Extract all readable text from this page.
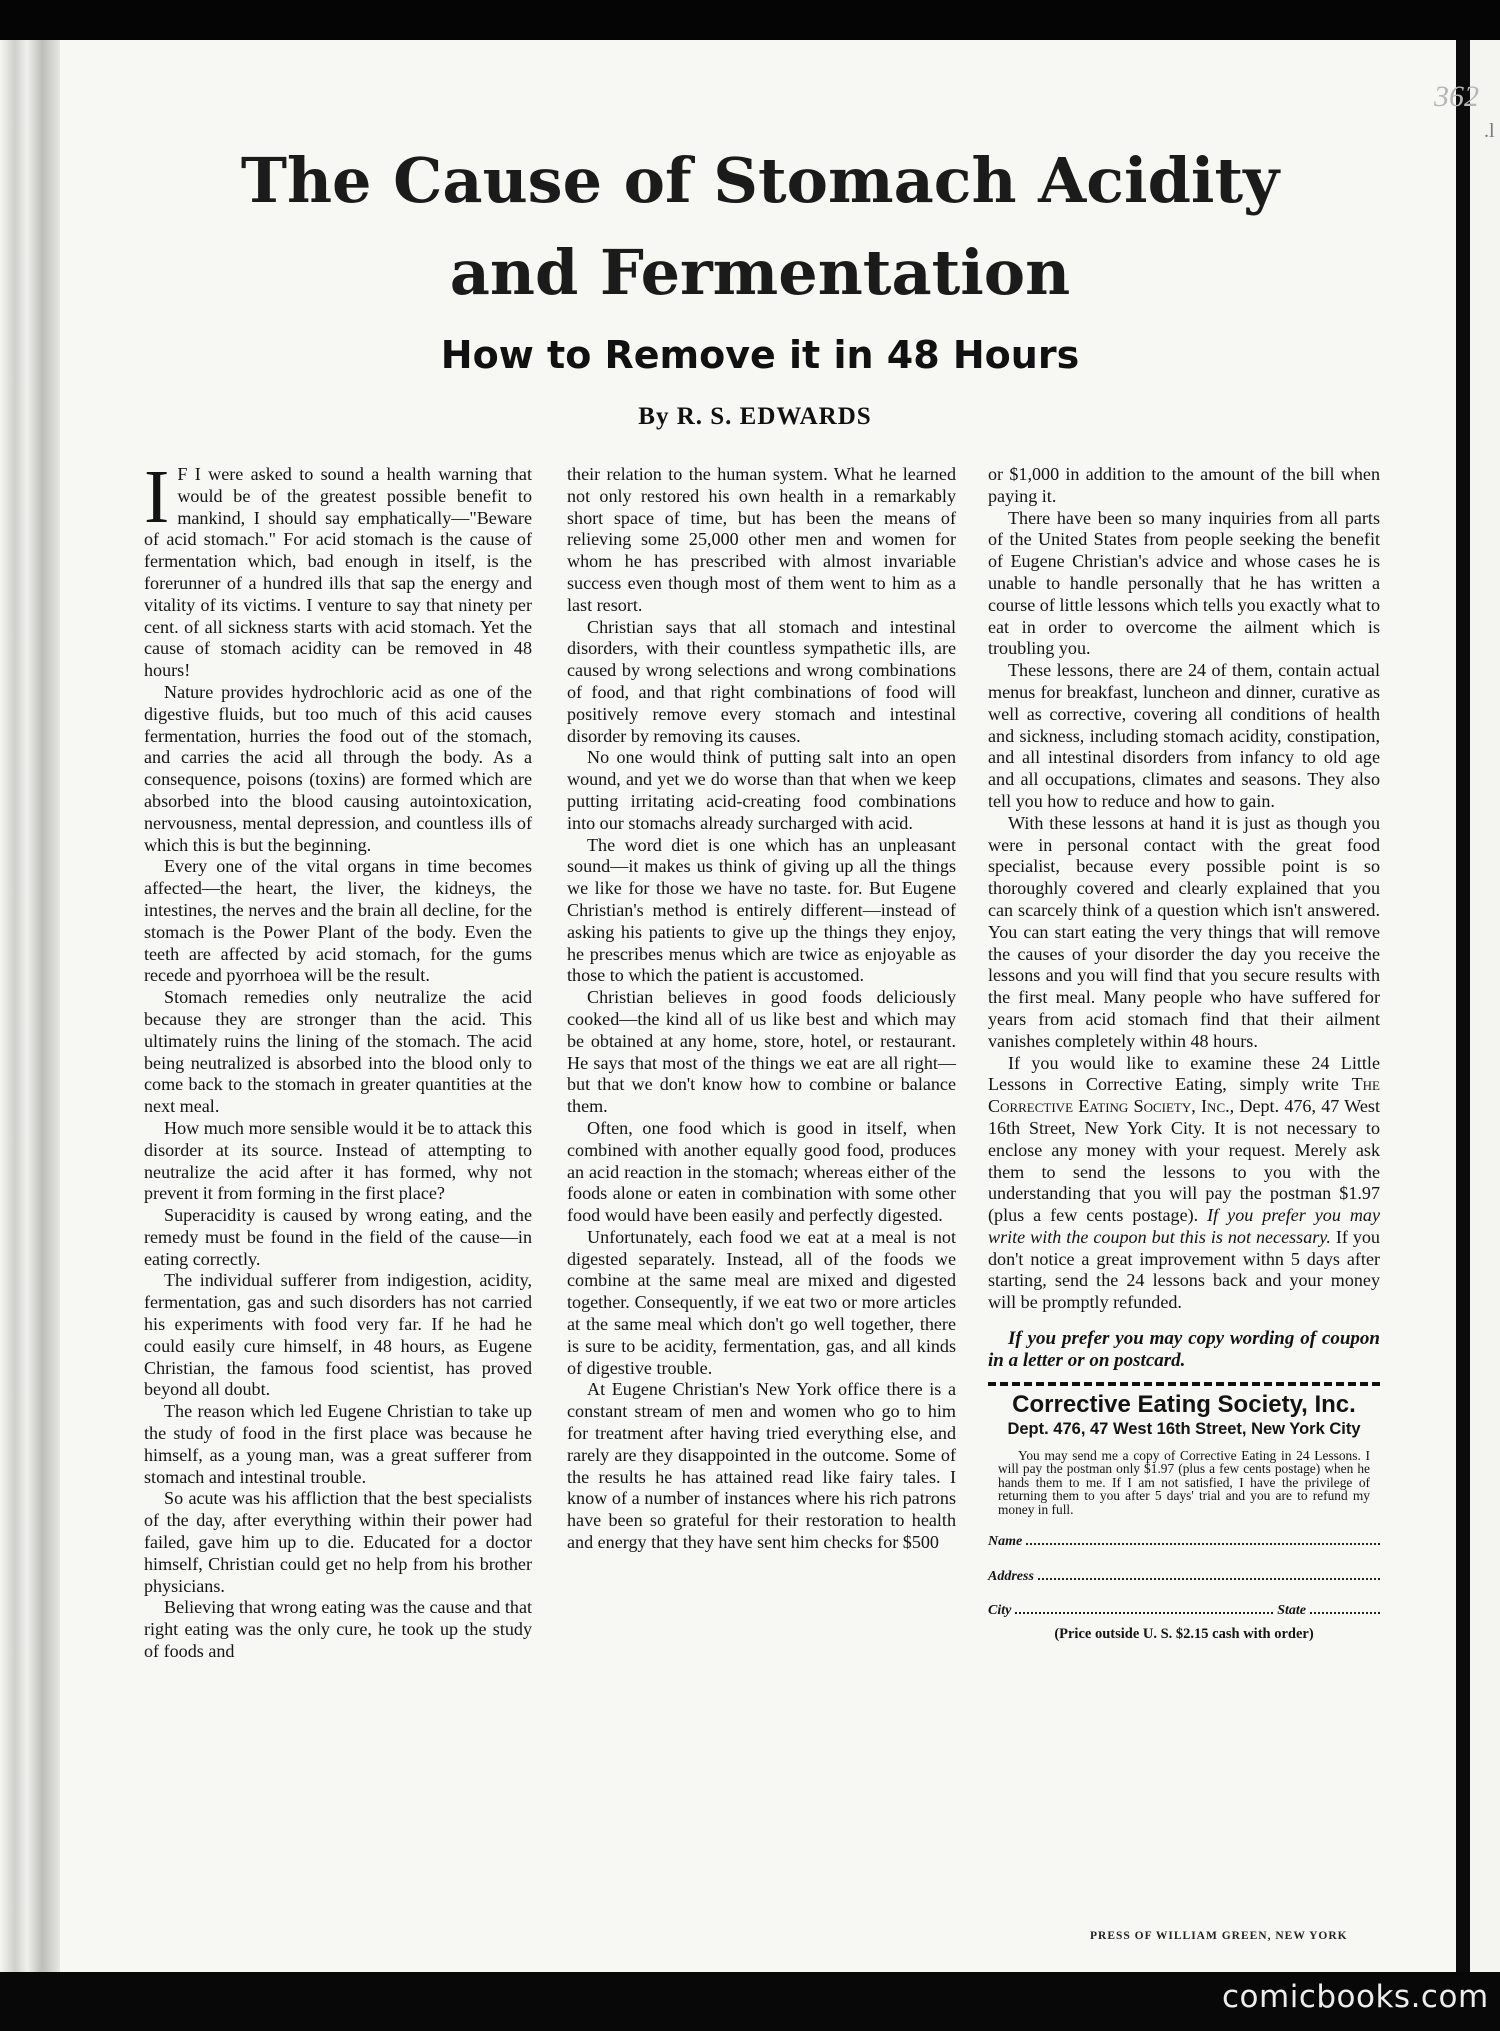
362
.l
The Cause of Stomach Acidity
and Fermentation
How to Remove it in 48 Hours
By R. S. EDWARDS

I F I were asked to sound a health warning that would be of the greatest possible benefit to mankind, I should say emphatically—"Beware of acid stomach." For acid stomach is the cause of fermentation which, bad enough in itself, is the forerunner of a hundred ills that sap the energy and vitality of its victims. I venture to say that ninety per cent. of all sickness starts with acid stomach. Yet the cause of stomach acidity can be removed in 48 hours!

Nature provides hydrochloric acid as one of the digestive fluids, but too much of this acid causes fermentation, hurries the food out of the stomach, and carries the acid all through the body. As a consequence, poisons (toxins) are formed which are absorbed into the blood causing autointoxication, nervousness, mental depression, and countless ills of which this is but the beginning.

Every one of the vital organs in time becomes affected—the heart, the liver, the kidneys, the intestines, the nerves and the brain all decline, for the stomach is the Power Plant of the body. Even the teeth are affected by acid stomach, for the gums recede and pyorrhoea will be the result.

Stomach remedies only neutralize the acid because they are stronger than the acid. This ultimately ruins the lining of the stomach. The acid being neutralized is absorbed into the blood only to come back to the stomach in greater quantities at the next meal.

How much more sensible would it be to attack this disorder at its source. Instead of attempting to neutralize the acid after it has formed, why not prevent it from forming in the first place?

Superacidity is caused by wrong eating, and the remedy must be found in the field of the cause—in eating correctly.

The individual sufferer from indigestion, acidity, fermentation, gas and such disorders has not carried his experiments with food very far. If he had he could easily cure himself, in 48 hours, as Eugene Christian, the famous food scientist, has proved beyond all doubt.

The reason which led Eugene Christian to take up the study of food in the first place was because he himself, as a young man, was a great sufferer from stomach and intestinal trouble.

So acute was his affliction that the best specialists of the day, after everything within their power had failed, gave him up to die. Educated for a doctor himself, Christian could get no help from his brother physicians.

Believing that wrong eating was the cause and that right eating was the only cure, he took up the study of foods and

their relation to the human system. What he learned not only restored his own health in a remarkably short space of time, but has been the means of relieving some 25,000 other men and women for whom he has prescribed with almost invariable success even though most of them went to him as a last resort.

Christian says that all stomach and intestinal disorders, with their countless sympathetic ills, are caused by wrong selections and wrong combinations of food, and that right combinations of food will positively remove every stomach and intestinal disorder by removing its causes.

No one would think of putting salt into an open wound, and yet we do worse than that when we keep putting irritating acid-creating food combinations into our stomachs already surcharged with acid.

The word diet is one which has an unpleasant sound—it makes us think of giving up all the things we like for those we have no taste. for. But Eugene Christian's method is entirely different—instead of asking his patients to give up the things they enjoy, he prescribes menus which are twice as enjoyable as those to which the patient is accustomed.

Christian believes in good foods deliciously cooked—the kind all of us like best and which may be obtained at any home, store, hotel, or restaurant. He says that most of the things we eat are all right—but that we don't know how to combine or balance them.

Often, one food which is good in itself, when combined with another equally good food, produces an acid reaction in the stomach; whereas either of the foods alone or eaten in combination with some other food would have been easily and perfectly digested.

Unfortunately, each food we eat at a meal is not digested separately. Instead, all of the foods we combine at the same meal are mixed and digested together. Consequently, if we eat two or more articles at the same meal which don't go well together, there is sure to be acidity, fermentation, gas, and all kinds of digestive trouble.

At Eugene Christian's New York office there is a constant stream of men and women who go to him for treatment after having tried everything else, and rarely are they disappointed in the outcome. Some of the results he has attained read like fairy tales. I know of a number of instances where his rich patrons have been so grateful for their restoration to health and energy that they have sent him checks for $500

or $1,000 in addition to the amount of the bill when paying it.

There have been so many inquiries from all parts of the United States from people seeking the benefit of Eugene Christian's advice and whose cases he is unable to handle personally that he has written a course of little lessons which tells you exactly what to eat in order to overcome the ailment which is troubling you.

These lessons, there are 24 of them, contain actual menus for breakfast, luncheon and dinner, curative as well as corrective, covering all conditions of health and sickness, including stomach acidity, constipation, and all intestinal disorders from infancy to old age and all occupations, climates and seasons. They also tell you how to reduce and how to gain.

With these lessons at hand it is just as though you were in personal contact with the great food specialist, because every possible point is so thoroughly covered and clearly explained that you can scarcely think of a question which isn't answered. You can start eating the very things that will remove the causes of your disorder the day you receive the lessons and you will find that you secure results with the first meal. Many people who have suffered for years from acid stomach find that their ailment vanishes completely within 48 hours.

If you would like to examine these 24 Little Lessons in Corrective Eating, simply write The Corrective Eating Society, Inc., Dept. 476, 47 West 16th Street, New York City. It is not necessary to enclose any money with your request. Merely ask them to send the lessons to you with the understanding that you will pay the postman $1.97 (plus a few cents postage). If you prefer you may write with the coupon but this is not necessary. If you don't notice a great improvement withn 5 days after starting, send the 24 lessons back and your money will be promptly refunded.

If you prefer you may copy wording of coupon in a letter or on postcard.

Corrective Eating Society, Inc.
Dept. 476, 47 West 16th Street, New York City

You may send me a copy of Corrective Eating in 24 Lessons. I will pay the postman only $1.97 (plus a few cents postage) when he hands them to me. If I am not satisfied, I have the privilege of returning them to you after 5 days' trial and you are to refund my money in full.

Name
Address
City	State
(Price outside U. S. $2.15 cash with order)
PRESS OF WILLIAM GREEN, NEW YORK
comicbooks.com
